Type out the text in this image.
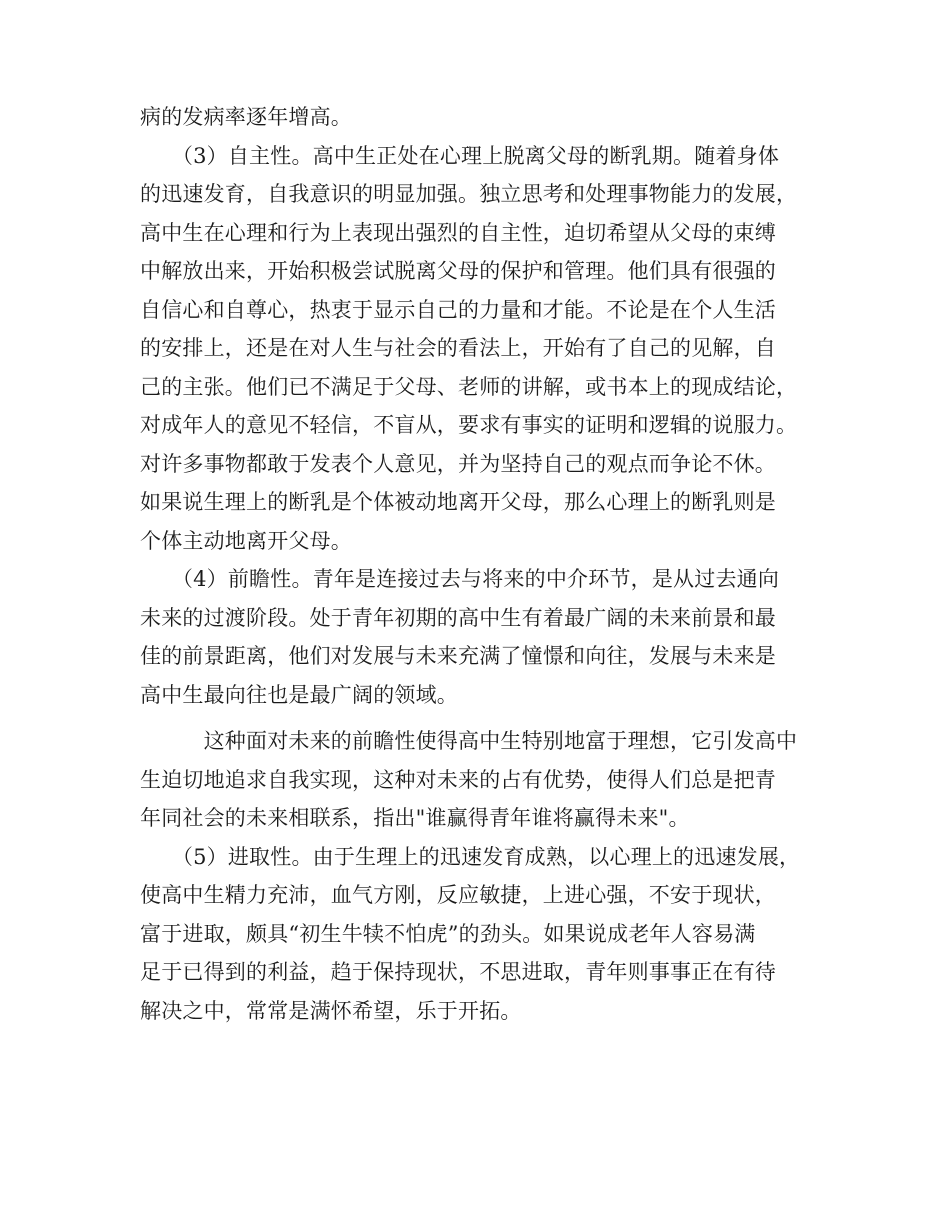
病的发病率逐年增高。

　　（3）自主性。高中生正处在心理上脱离父母的断乳期。随着身体
的迅速发育，自我意识的明显加强。独立思考和处理事物能力的发展，
高中生在心理和行为上表现出强烈的自主性，迫切希望从父母的束缚
中解放出来，开始积极尝试脱离父母的保护和管理。他们具有很强的
自信心和自尊心，热衷于显示自己的力量和才能。不论是在个人生活
的安排上，还是在对人生与社会的看法上，开始有了自己的见解，自
己的主张。他们已不满足于父母、老师的讲解，或书本上的现成结论，
对成年人的意见不轻信，不盲从，要求有事实的证明和逻辑的说服力。
对许多事物都敢于发表个人意见，并为坚持自己的观点而争论不休。
如果说生理上的断乳是个体被动地离开父母，那么心理上的断乳则是
个体主动地离开父母。

　　（4）前瞻性。青年是连接过去与将来的中介环节，是从过去通向
未来的过渡阶段。处于青年初期的高中生有着最广阔的未来前景和最
佳的前景距离，他们对发展与未来充满了憧憬和向往，发展与未来是
高中生最向往也是最广阔的领域。

　　　这种面对未来的前瞻性使得高中生特别地富于理想，它引发高中
生迫切地追求自我实现，这种对未来的占有优势，使得人们总是把青
年同社会的未来相联系，指出"谁赢得青年谁将赢得未来"。

　　（5）进取性。由于生理上的迅速发育成熟，以心理上的迅速发展，
使高中生精力充沛，血气方刚，反应敏捷，上进心强，不安于现状，
富于进取，颇具“初生牛犊不怕虎”的劲头。如果说成老年人容易满
足于已得到的利益，趋于保持现状，不思进取，青年则事事正在有待
解决之中，常常是满怀希望，乐于开拓。
